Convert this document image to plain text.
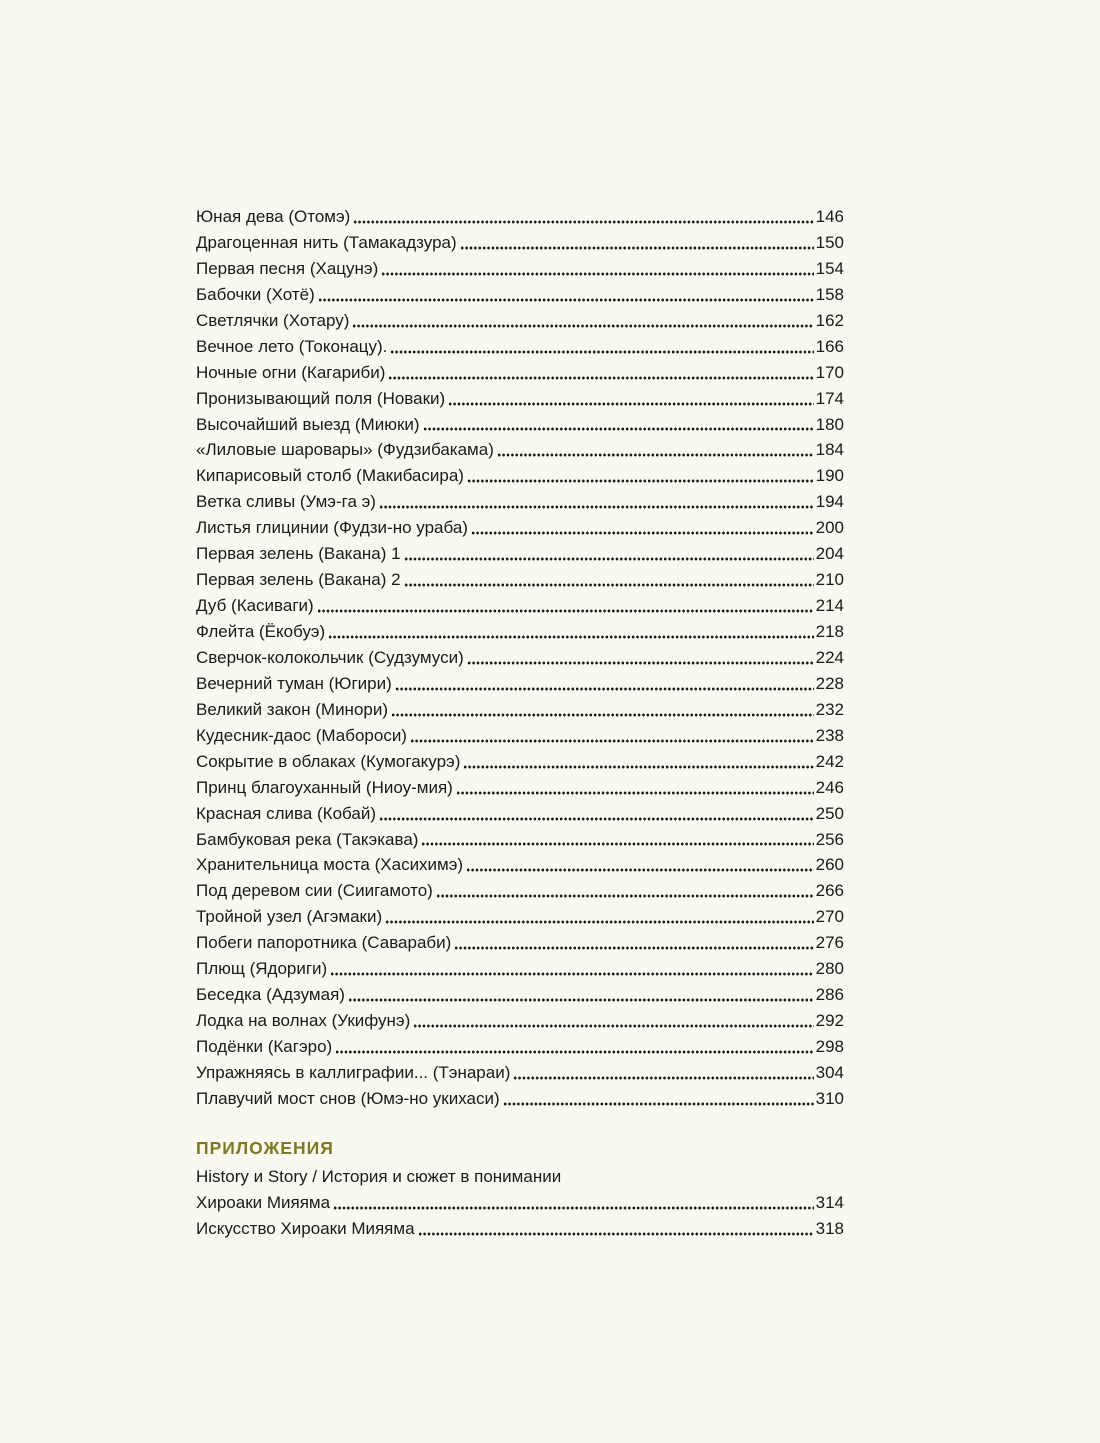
Юная дева (Отомэ)	146
Драгоценная нить (Тамакадзура)	150
Первая песня (Хацунэ)	154
Бабочки (Хотё)	158
Светлячки (Хотару)	162
Вечное лето (Токонацу).	166
Ночные огни (Кагариби)	170
Пронизывающий поля (Новаки)	174
Высочайший выезд (Миюки)	180
«Лиловые шаровары» (Фудзибакама)	184
Кипарисовый столб (Макибасира)	190
Ветка сливы (Умэ-га э)	194
Листья глицинии (Фудзи-но ураба)	200
Первая зелень (Вакана) 1	204
Первая зелень (Вакана) 2	210
Дуб (Касиваги)	214
Флейта (Ёкобуэ)	218
Сверчок-колокольчик (Судзумуси)	224
Вечерний туман (Югири)	228
Великий закон (Минори)	232
Кудесник-даос (Мабороси)	238
Сокрытие в облаках (Кумогакурэ)	242
Принц благоуханный (Ниоу-мия)	246
Красная слива (Кобай)	250
Бамбуковая река (Такэкава)	256
Хранительница моста (Хасихимэ)	260
Под деревом сии (Сиигамото)	266
Тройной узел (Агэмаки)	270
Побеги папоротника (Савараби)	276
Плющ (Ядориги)	280
Беседка (Адзумая)	286
Лодка на волнах (Укифунэ)	292
Подёнки (Кагэро)	298
Упражняясь в каллиграфии... (Тэнараи)	304
Плавучий мост снов (Юмэ-но укихаси)	310
ПРИЛОЖЕНИЯ
History и Story / История и сюжет в понимании
Хироаки Мияяма	314
Искусство Хироаки Мияяма	318
